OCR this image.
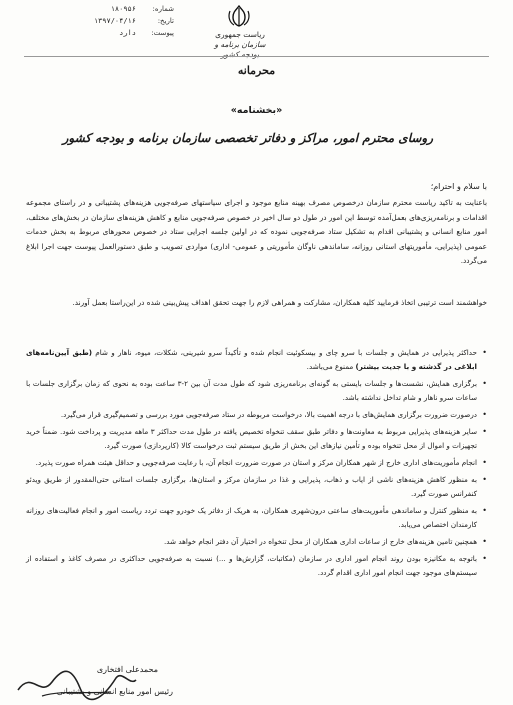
ریاست جمهوری
سازمان برنامه و بودجه کشور
شماره:
۱۸۰۹۵۶
تاریخ:
۱۳۹۷/۰۴/۱۶
پیوست:
دارد
محرمانه
«بخشنامه»
روسای محترم امور، مراکز و دفاتر تخصصی سازمان برنامه و بودجه کشور
با سلام و احترام؛
باعنایت به تاکید ریاست محترم سازمان درخصوص مصرف بهینه منابع موجود و اجرای سیاستهای صرفه‌جویی هزینه‌های پشتیبانی و در راستای مجموعه اقدامات و برنامه‌ریزی‌های بعمل‌آمده توسط این امور در طول دو سال اخیر در خصوص صرفه‌جویی منابع و کاهش هزینه‌های سازمان در بخش‌های مختلف، امور منابع انسانی و پشتیبانی اقدام به تشکیل ستاد صرفه‌جویی نموده که در اولین جلسه اجرایی ستاد در خصوص محورهای مربوط به بخش خدمات عمومی (پذیرایی، مأموریتهای استانی روزانه، ساماندهی ناوگان مأموریتی و عمومی- اداری) مواردی تصویب و طبق دستورالعمل پیوست جهت اجرا ابلاغ می‌گردد.
خواهشمند است ترتیبی اتخاذ فرمایید کلیه همکاران، مشارکت و همراهی لازم را جهت تحقق اهداف پیش‌بینی شده در این‌راستا بعمل آورند.
• حداکثر پذیرایی در همایش و جلسات با سرو چای و بیسکوئیت انجام شده و تأکیداً سرو شیرینی، شکلات، میوه، ناهار و شام (طبق آیین‌نامه‌های ابلاغی در گذشته و با جدیت بیشتر) ممنوع می‌باشد.
• برگزاری همایش، نشست‌ها و جلسات بایستی به گونه‌ای برنامه‌ریزی شود که طول مدت آن بین ۲-۳ ساعت بوده به نحوی که زمان برگزاری جلسات با ساعات سرو ناهار و شام تداخل نداشته باشد.
• درصورت ضرورت برگزاری همایش‌های با درجه اهمیت بالا، درخواست مربوطه در ستاد صرفه‌جویی مورد بررسی و تصمیم‌گیری قرار می‌گیرد.
• سایر هزینه‌های پذیرایی مربوط به معاونت‌ها و دفاتر طبق سقف تنخواه تخصیص یافته در طول مدت حداکثر ۳ ماهه مدیریت و پرداخت شود. ضمناً خرید تجهیزات و اموال از محل تنخواه بوده و تأمین نیازهای این بخش از طریق سیستم ثبت درخواست کالا (کارپردازی) صورت گیرد.
• انجام مأموریت‌های اداری خارج از شهر همکاران مرکز و استان در صورت ضرورت انجام آن، با رعایت صرفه‌جویی و حداقل هیئت همراه صورت پذیرد.
• به منظور کاهش هزینه‌های ناشی از ایاب و ذهاب، پذیرایی و غذا در سازمان مرکز و استان‌ها، برگزاری جلسات استانی حتی‌المقدور از طریق ویدئو کنفرانس صورت گیرد.
• به منظور کنترل و ساماندهی مأموریت‌های ساعتی درون‌شهری همکاران، به هریک از دفاتر یک خودرو جهت تردد ریاست امور و انجام فعالیت‌های روزانه کارمندان اختصاص می‌یابد.
• همچنین تامین هزینه‌های خارج از ساعات اداری همکاران از محل تنخواه در اختیار آن دفتر انجام خواهد شد.
• باتوجه به مکانیزه بودن روند انجام امور اداری در سازمان (مکاتبات، گزارش‌ها و ...) نسبت به صرفه‌جویی حداکثری در مصرف کاغذ و استفاده از سیستم‌های موجود جهت انجام امور اداری اقدام گردد.
محمدعلی افتخاری
رئیس امور منابع انسانی و پشتیبانی
